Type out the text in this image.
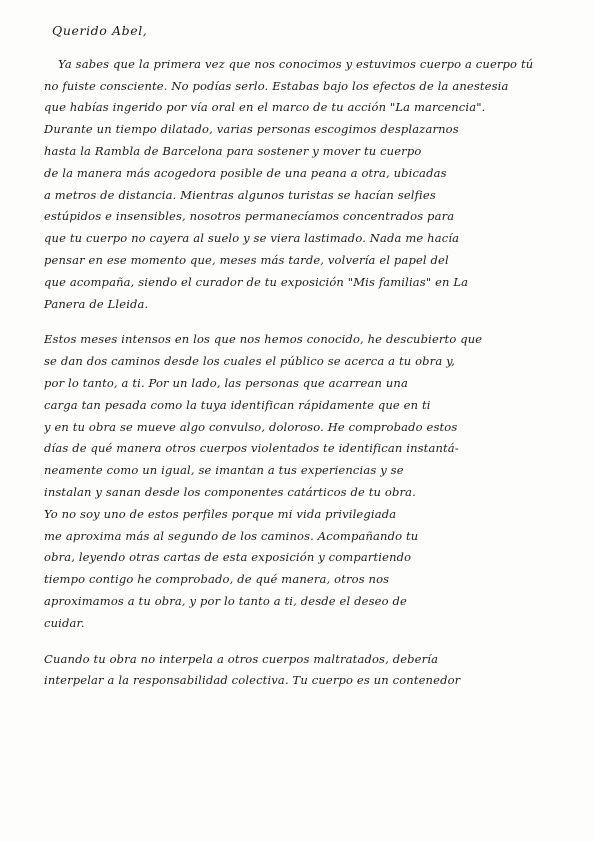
Querido Abel,
Ya sabes que la primera vez que nos conocimos y estuvimos cuerpo a cuerpo tú
no fuiste consciente. No podías serlo. Estabas bajo los efectos de la anestesia
que habías ingerido por vía oral en el marco de tu acción "La marcencia".
Durante un tiempo dilatado, varias personas escogimos desplazarnos
hasta la Rambla de Barcelona para sostener y mover tu cuerpo
de la manera más acogedora posible de una peana a otra, ubicadas
a metros de distancia. Mientras algunos turistas se hacían selfies
estúpidos e insensibles, nosotros permanecíamos concentrados para
que tu cuerpo no cayera al suelo y se viera lastimado. Nada me hacía
pensar en ese momento que, meses más tarde, volvería el papel del
que acompaña, siendo el curador de tu exposición "Mis familias" en La
Panera de Lleida.
Estos meses intensos en los que nos hemos conocido, he descubierto que
se dan dos caminos desde los cuales el público se acerca a tu obra y,
por lo tanto, a ti. Por un lado, las personas que acarrean una
carga tan pesada como la tuya identifican rápidamente que en ti
y en tu obra se mueve algo convulso, doloroso. He comprobado estos
días de qué manera otros cuerpos violentados te identifican instantá-
neamente como un igual, se imantan a tus experiencias y se
instalan y sanan desde los componentes catárticos de tu obra.
Yo no soy uno de estos perfiles porque mi vida privilegiada
me aproxima más al segundo de los caminos. Acompañando tu
obra, leyendo otras cartas de esta exposición y compartiendo
tiempo contigo he comprobado, de qué manera, otros nos
aproximamos a tu obra, y por lo tanto a ti, desde el deseo de
cuidar.
Cuando tu obra no interpela a otros cuerpos maltratados, debería
interpelar a la responsabilidad colectiva. Tu cuerpo es un contenedor
